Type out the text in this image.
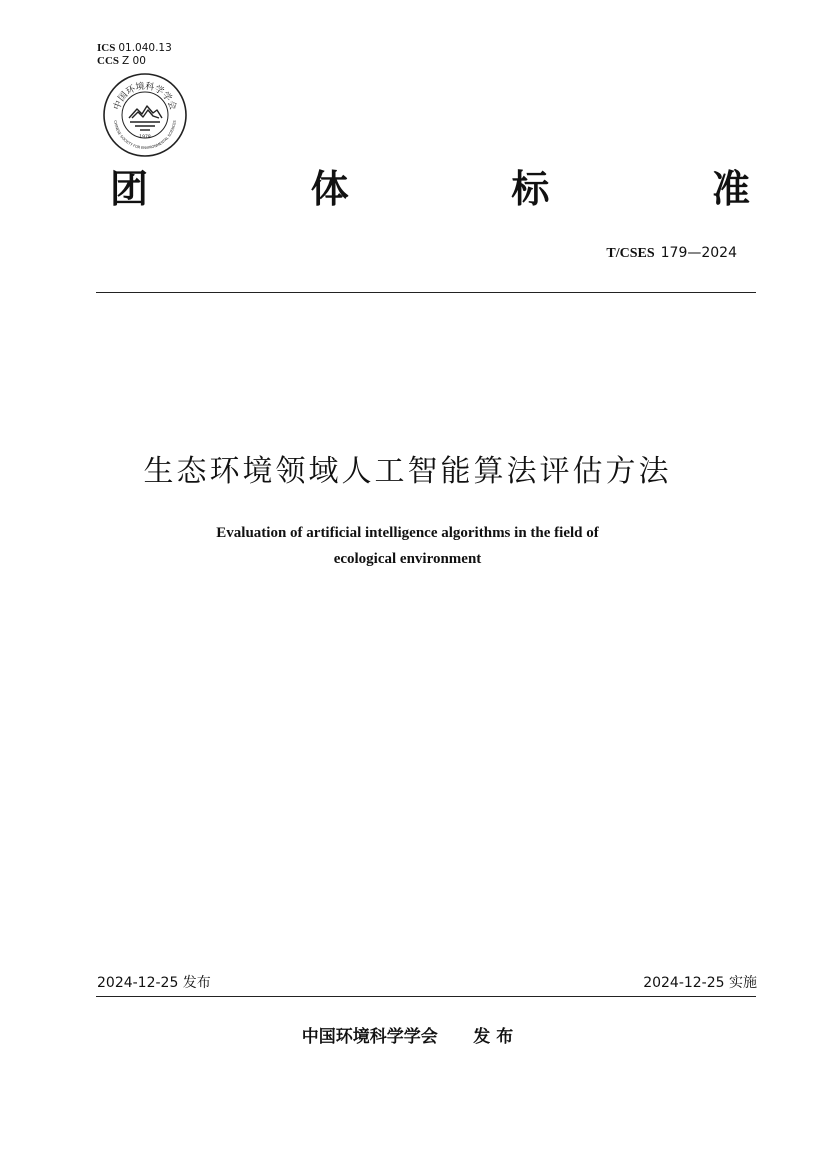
ICS 01.040.13
CCS Z 00
中国环境科学学会
CHINESE SOCIETY FOR ENVIRONMENTAL SCIENCES
1978
团	体	标	准
T/CSES 179—2024
生态环境领域人工智能算法评估方法
Evaluation of artificial intelligence algorithms in the field of
ecological environment
2024-12-25 发布	2024-12-25 实施
中国环境科学学会 发 布
